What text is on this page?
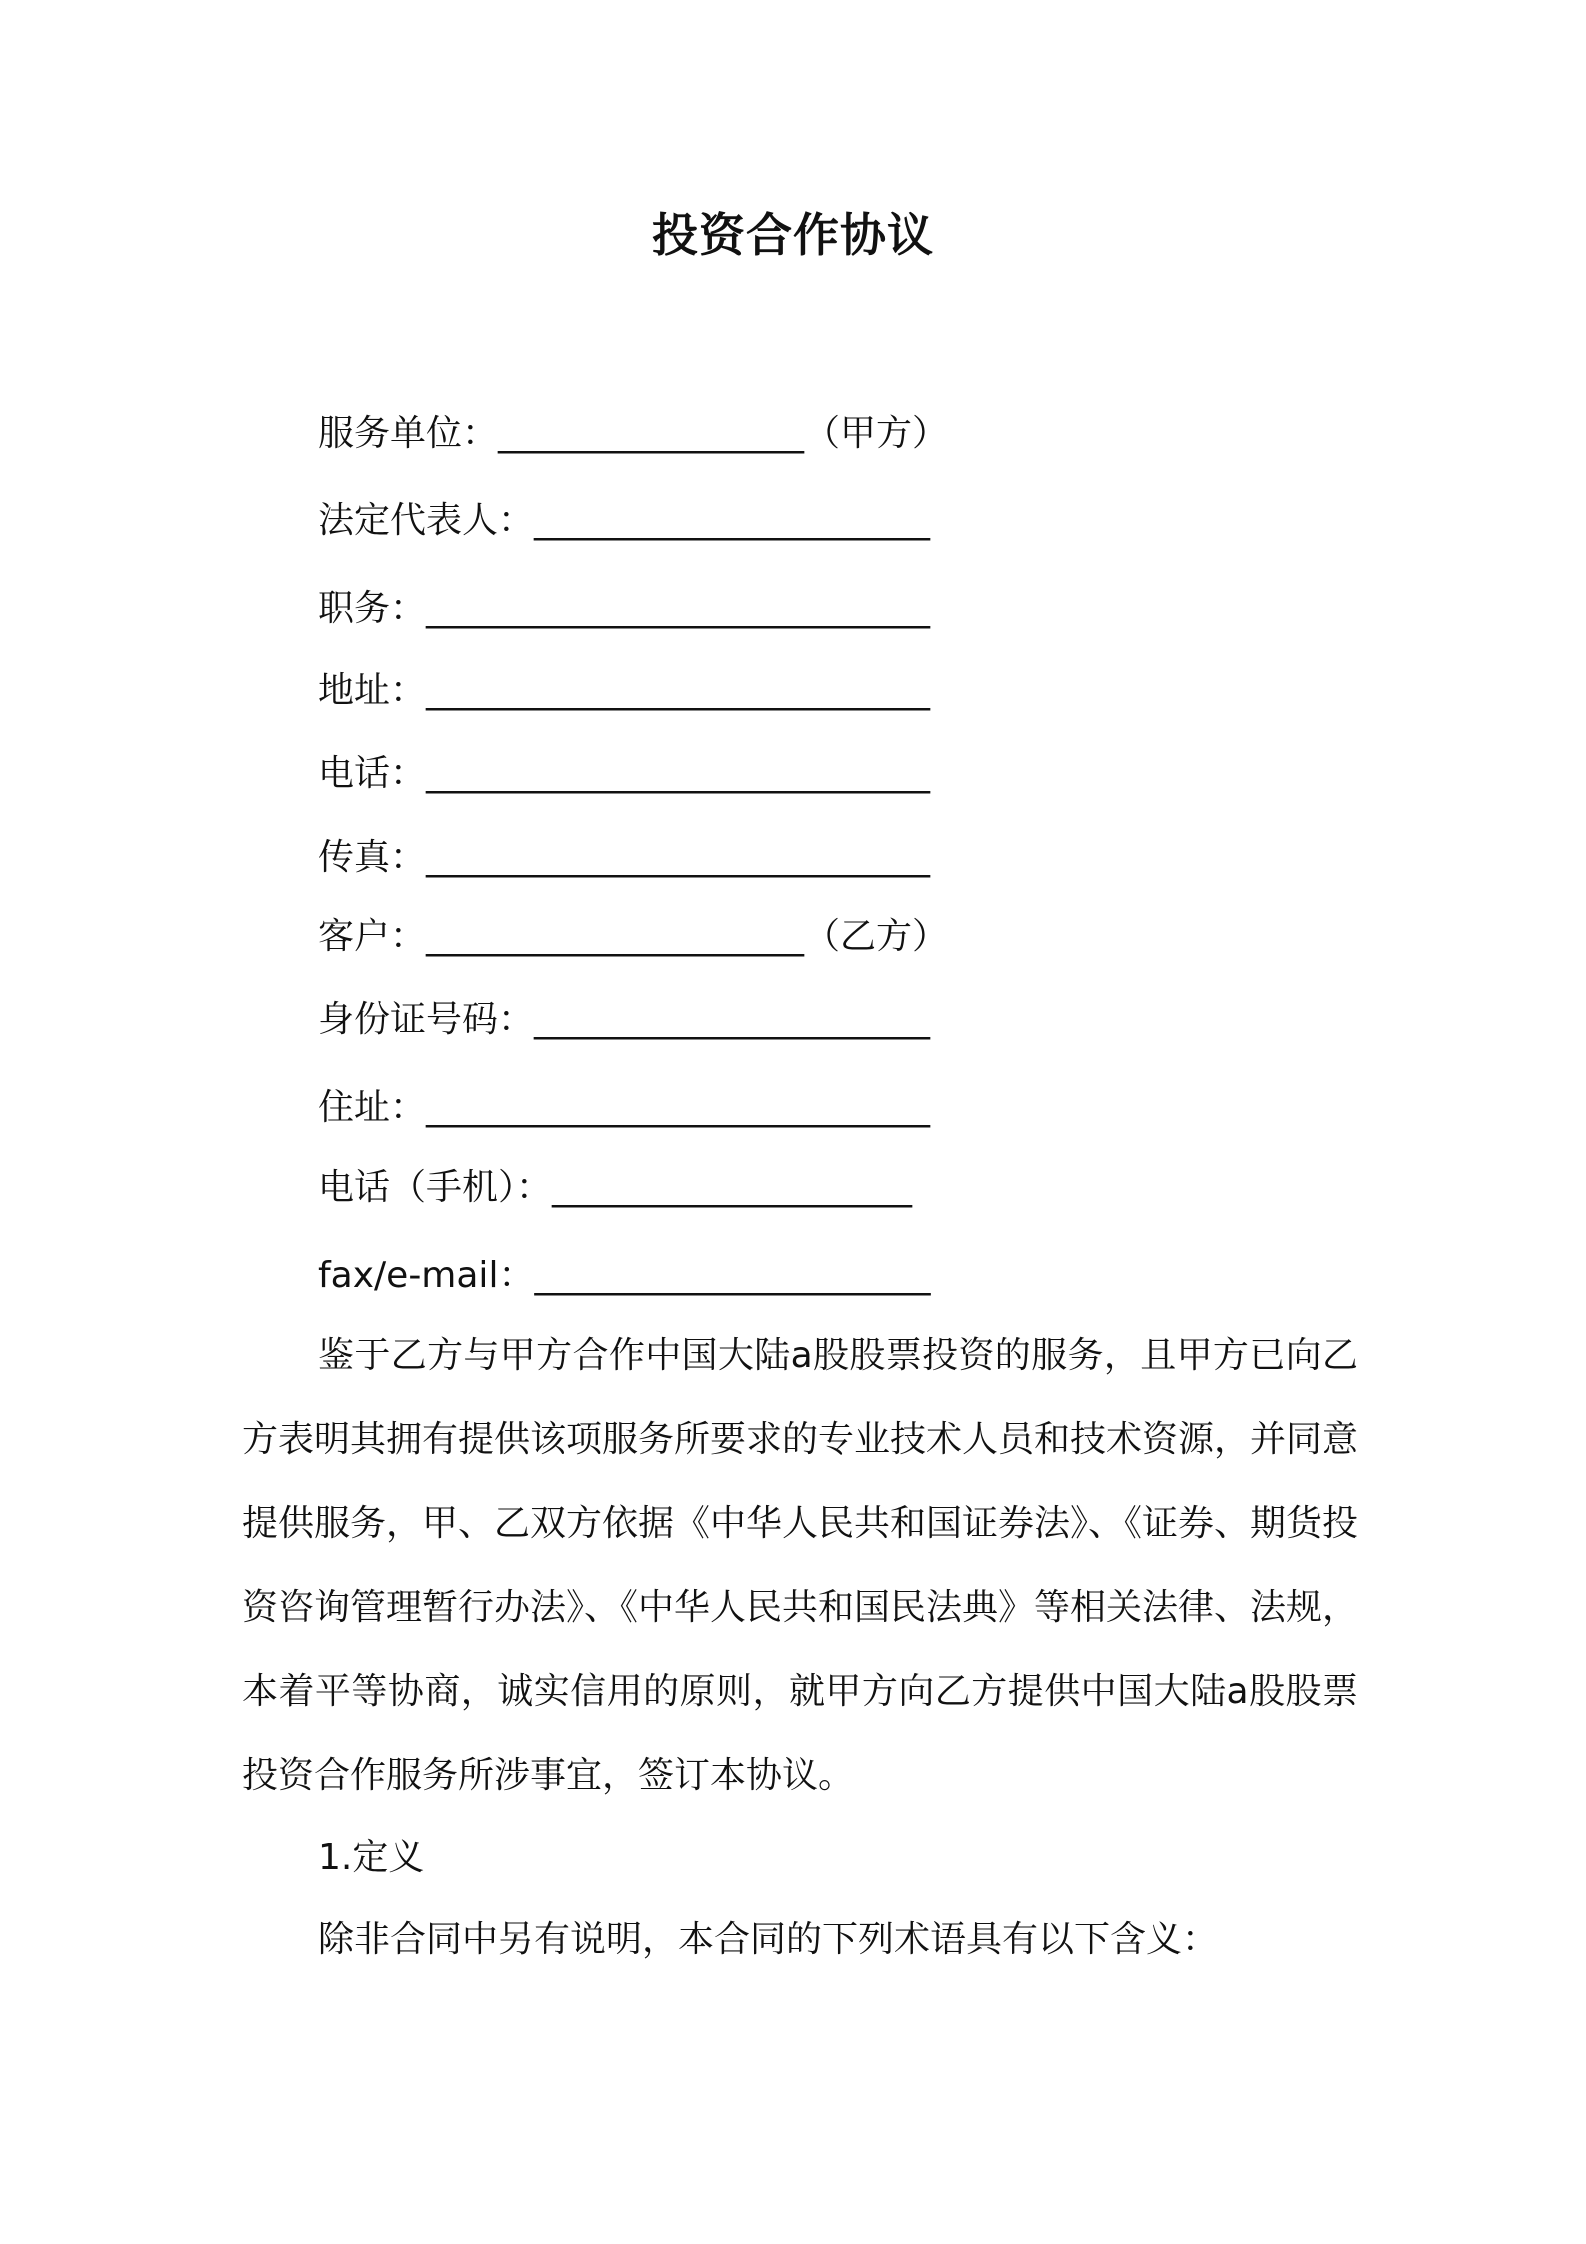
投资合作协议
服务单位：_________________（甲方）
法定代表人：______________________
职务：____________________________
地址：____________________________
电话：____________________________
传真：____________________________
客户：_____________________（乙方）
身份证号码：______________________
住址：____________________________
电话（手机）：____________________
fax/e-mail：______________________
鉴于乙方与甲方合作中国大陆a股股票投资的服务，且甲方已向乙方表明其拥有提供该项服务所要求的专业技术人员和技术资源，并同意提供服务，甲、乙双方依据《中华人民共和国证券法》、《证券、期货投资咨询管理暂行办法》、《中华人民共和国民法典》等相关法律、法规，本着平等协商，诚实信用的原则，就甲方向乙方提供中国大陆a股股票投资合作服务所涉事宜，签订本协议。
1.定义
除非合同中另有说明，本合同的下列术语具有以下含义：
